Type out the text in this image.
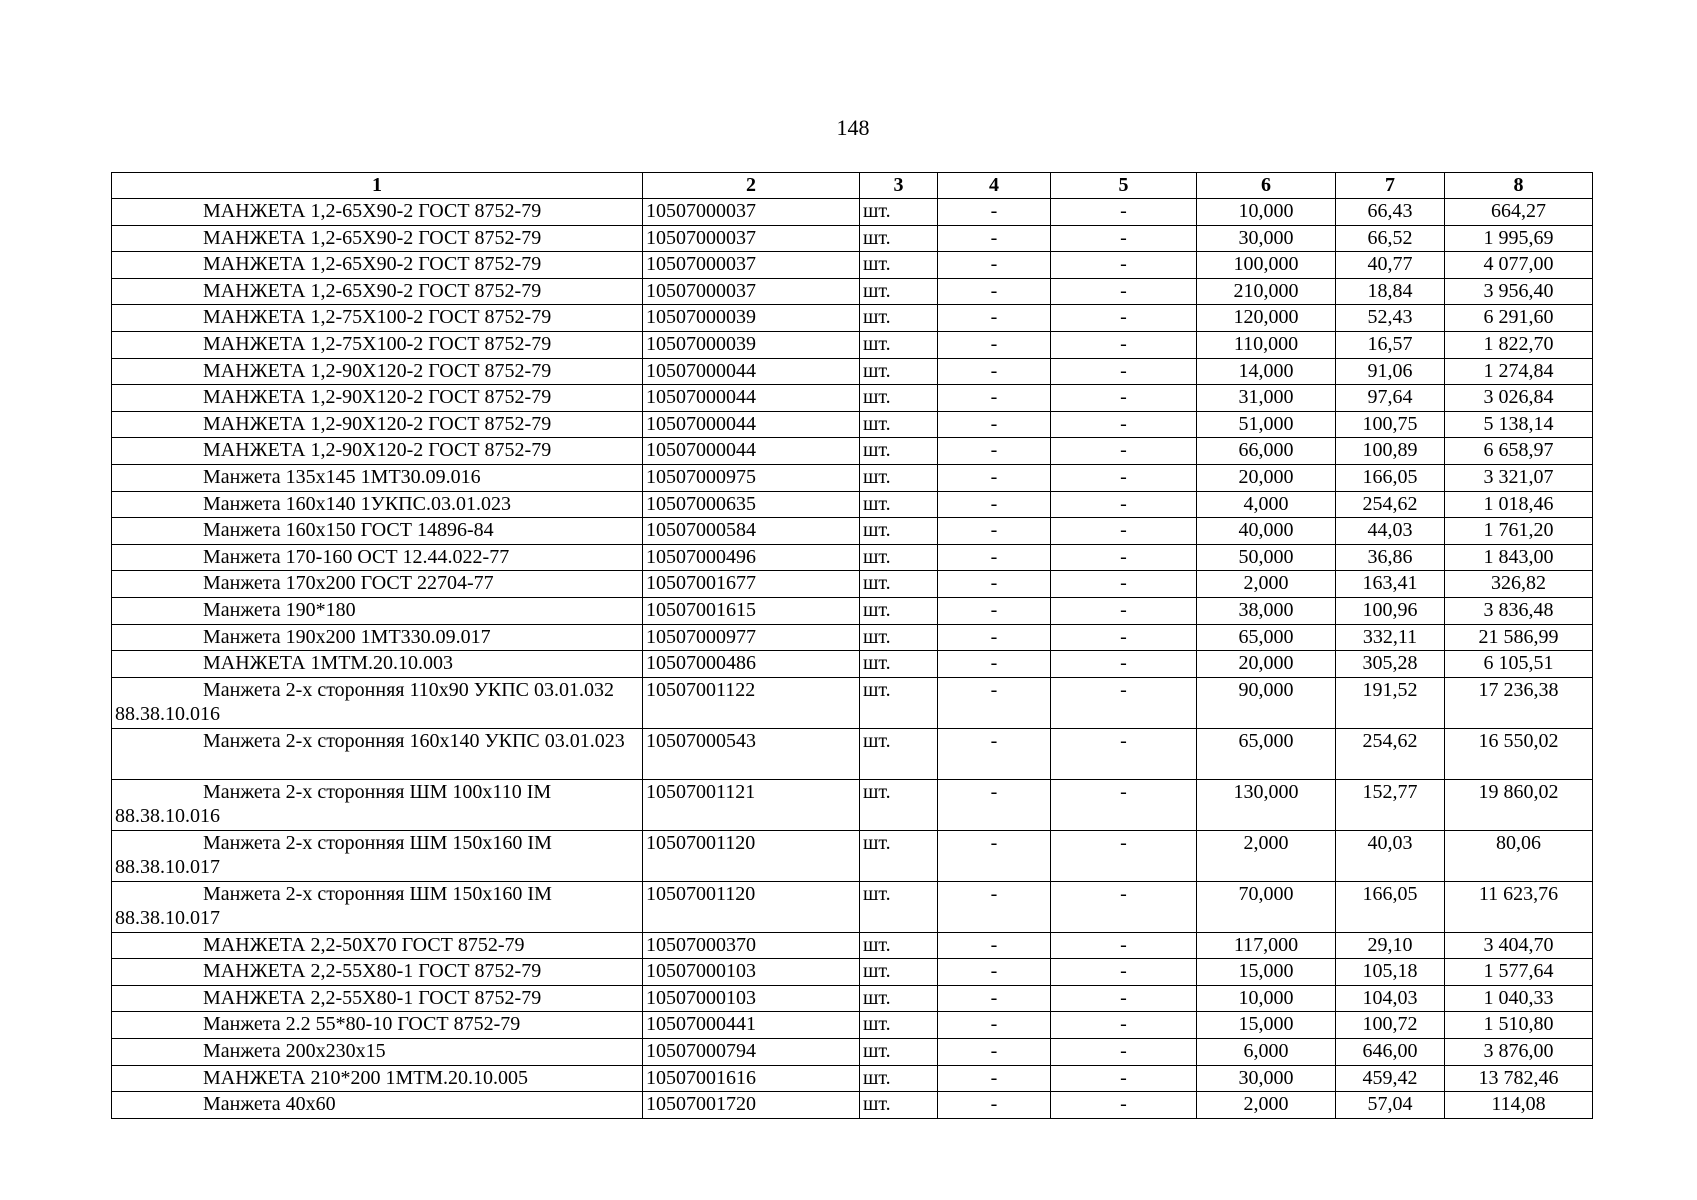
148
1	2	3	4	5	6	7	8
МАНЖЕТА 1,2-65Х90-2 ГОСТ 8752-79	10507000037	шт.	-	-	10,000	66,43	664,27
МАНЖЕТА 1,2-65Х90-2 ГОСТ 8752-79	10507000037	шт.	-	-	30,000	66,52	1 995,69
МАНЖЕТА 1,2-65Х90-2 ГОСТ 8752-79	10507000037	шт.	-	-	100,000	40,77	4 077,00
МАНЖЕТА 1,2-65Х90-2 ГОСТ 8752-79	10507000037	шт.	-	-	210,000	18,84	3 956,40
МАНЖЕТА 1,2-75Х100-2 ГОСТ 8752-79	10507000039	шт.	-	-	120,000	52,43	6 291,60
МАНЖЕТА 1,2-75Х100-2 ГОСТ 8752-79	10507000039	шт.	-	-	110,000	16,57	1 822,70
МАНЖЕТА 1,2-90Х120-2 ГОСТ 8752-79	10507000044	шт.	-	-	14,000	91,06	1 274,84
МАНЖЕТА 1,2-90Х120-2 ГОСТ 8752-79	10507000044	шт.	-	-	31,000	97,64	3 026,84
МАНЖЕТА 1,2-90Х120-2 ГОСТ 8752-79	10507000044	шт.	-	-	51,000	100,75	5 138,14
МАНЖЕТА 1,2-90Х120-2 ГОСТ 8752-79	10507000044	шт.	-	-	66,000	100,89	6 658,97
Манжета 135х145 1МТ30.09.016	10507000975	шт.	-	-	20,000	166,05	3 321,07
Манжета 160х140 1УКПС.03.01.023	10507000635	шт.	-	-	4,000	254,62	1 018,46
Манжета 160х150 ГОСТ 14896-84	10507000584	шт.	-	-	40,000	44,03	1 761,20
Манжета 170-160 ОСТ 12.44.022-77	10507000496	шт.	-	-	50,000	36,86	1 843,00
Манжета 170х200 ГОСТ 22704-77	10507001677	шт.	-	-	2,000	163,41	326,82
Манжета 190*180	10507001615	шт.	-	-	38,000	100,96	3 836,48
Манжета 190х200 1МТ330.09.017	10507000977	шт.	-	-	65,000	332,11	21 586,99
МАНЖЕТА 1МТМ.20.10.003	10507000486	шт.	-	-	20,000	305,28	6 105,51
Манжета 2-х сторонняя 110х90 УКПС 03.01.032 88.38.10.016	10507001122	шт.	-	-	90,000	191,52	17 236,38
Манжета 2-х сторонняя 160х140 УКПС 03.01.023	10507000543	шт.	-	-	65,000	254,62	16 550,02
Манжета 2-х сторонняя ШМ 100х110 IМ 88.38.10.016	10507001121	шт.	-	-	130,000	152,77	19 860,02
Манжета 2-х сторонняя ШМ 150х160 IМ 88.38.10.017	10507001120	шт.	-	-	2,000	40,03	80,06
Манжета 2-х сторонняя ШМ 150х160 IМ 88.38.10.017	10507001120	шт.	-	-	70,000	166,05	11 623,76
МАНЖЕТА 2,2-50Х70 ГОСТ 8752-79	10507000370	шт.	-	-	117,000	29,10	3 404,70
МАНЖЕТА 2,2-55Х80-1 ГОСТ 8752-79	10507000103	шт.	-	-	15,000	105,18	1 577,64
МАНЖЕТА 2,2-55Х80-1 ГОСТ 8752-79	10507000103	шт.	-	-	10,000	104,03	1 040,33
Манжета 2.2 55*80-10 ГОСТ 8752-79	10507000441	шт.	-	-	15,000	100,72	1 510,80
Манжета 200х230х15	10507000794	шт.	-	-	6,000	646,00	3 876,00
МАНЖЕТА 210*200 1МТМ.20.10.005	10507001616	шт.	-	-	30,000	459,42	13 782,46
Манжета 40х60	10507001720	шт.	-	-	2,000	57,04	114,08
